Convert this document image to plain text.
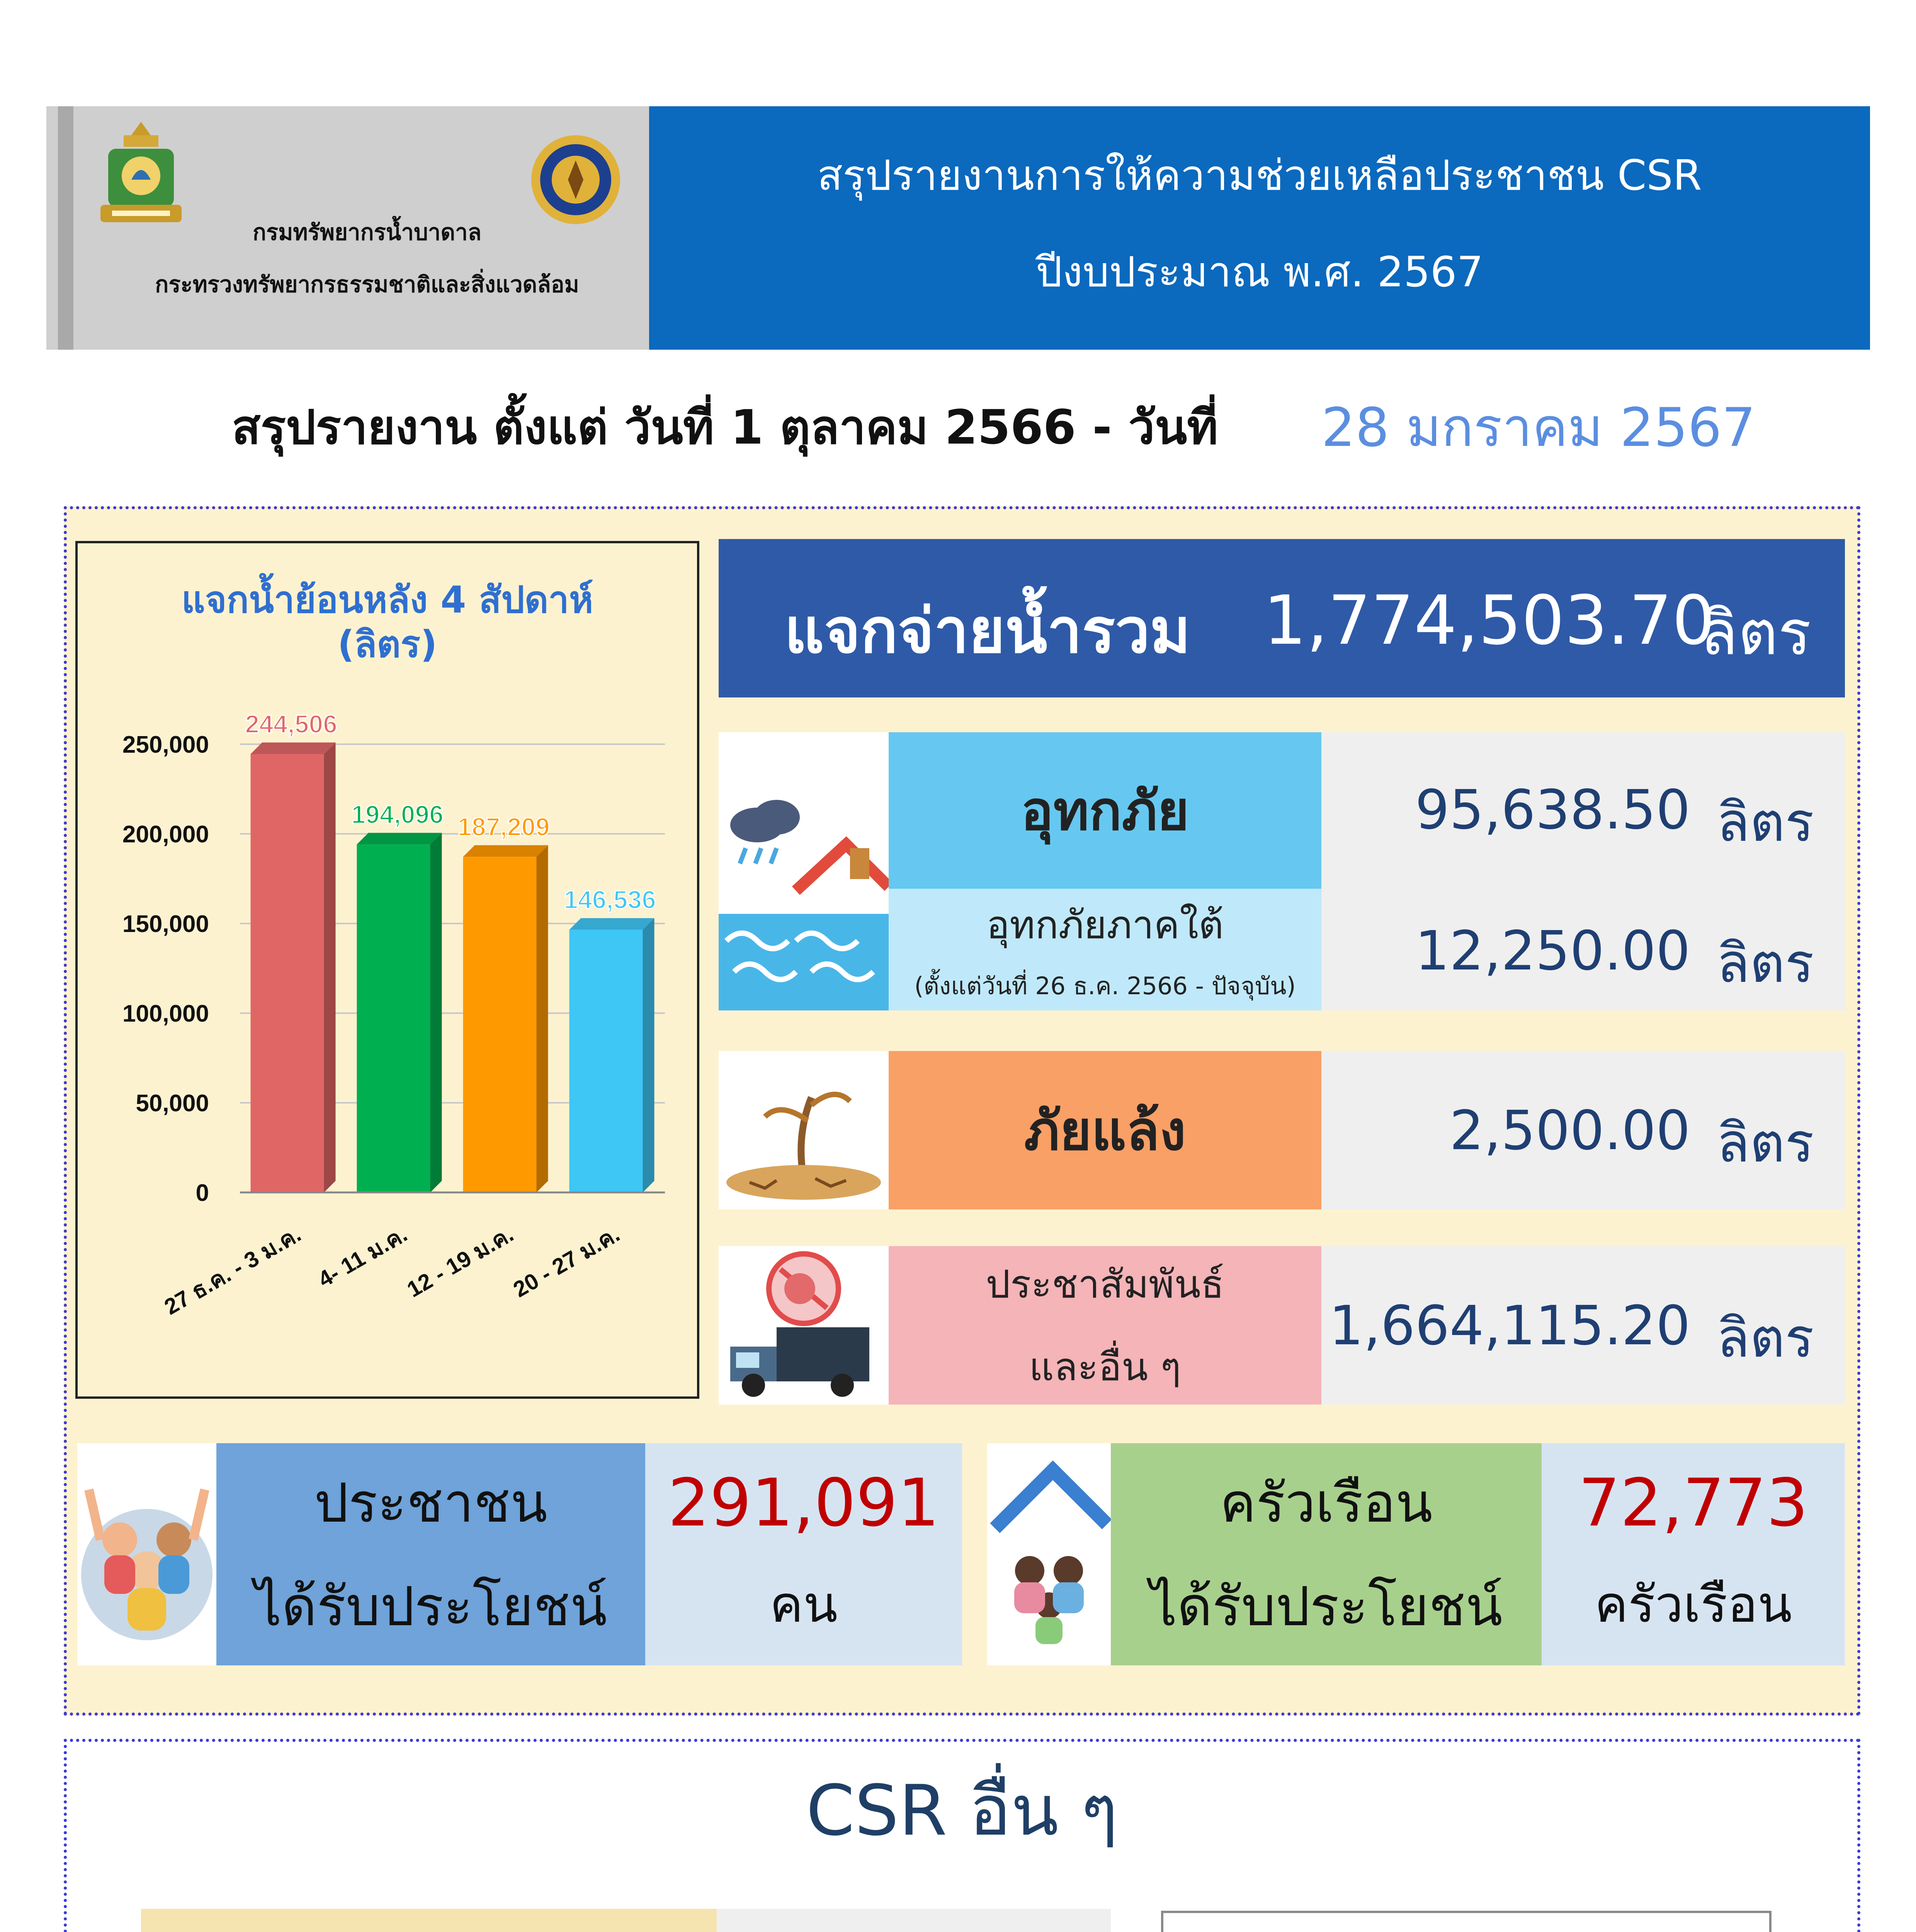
กรมทรัพยากรน้ำบาดาล
กระทรวงทรัพยากรธรรมชาติและสิ่งแวดล้อม
สรุปรายงานการให้ความช่วยเหลือประชาชน CSR
ปีงบประมาณ พ.ศ. 2567
สรุปรายงาน ตั้งแต่ วันที่ 1 ตุลาคม 2566 - วันที่	28 มกราคม 2567
แจกน้ำย้อนหลัง 4 สัปดาห์
(ลิตร)
0
50,000
100,000
150,000
200,000
250,000
244,506
27 ธ.ค. - 3 ม.ค.
194,096
4- 11 ม.ค.
187,209
12 - 19 ม.ค.
146,536
20 - 27 ม.ค.
แจกจ่ายน้ำรวม 1,774,503.70
ลิตร
อุทกภัย	95,638.50 ลิตร
อุทกภัยภาคใต้
(ตั้งแต่วันที่ 26 ธ.ค. 2566 - ปัจจุบัน)
12,250.00 ลิตร
ภัยแล้ง	2,500.00 ลิตร
ประชาสัมพันธ์
และอื่น ๆ
1,664,115.20 ลิตร
ประชาชน
ได้รับประโยชน์
291,091
คน
ครัวเรือน
ได้รับประโยชน์
72,773
ครัวเรือน
CSR อื่น ๆ
